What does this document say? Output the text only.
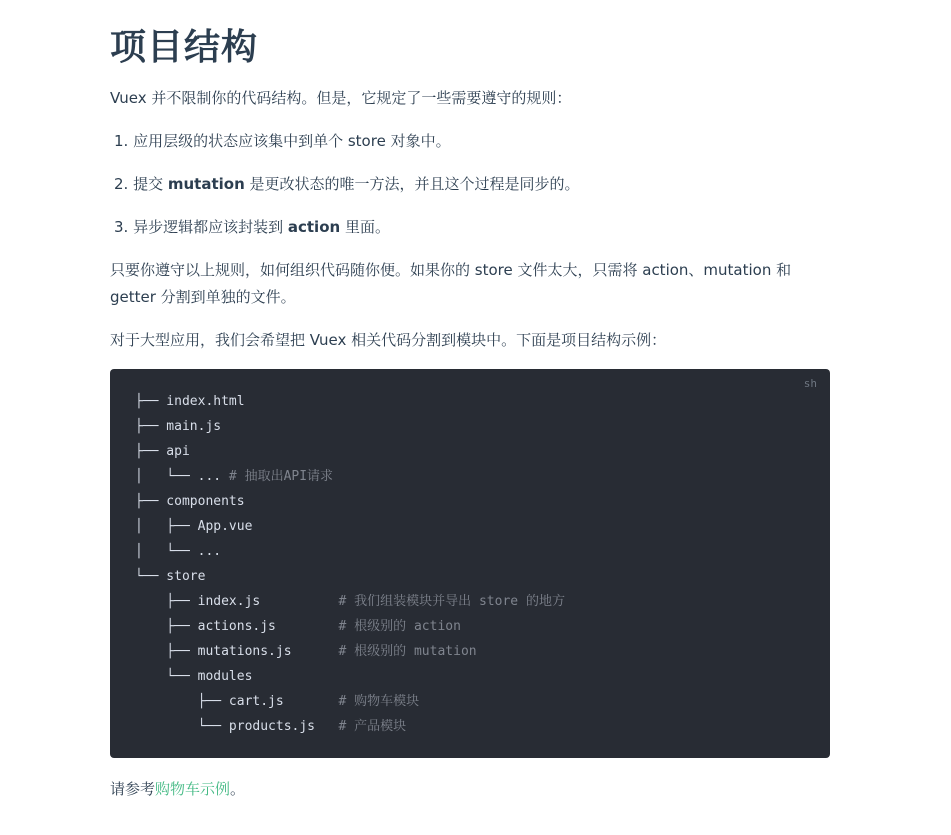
项目结构

Vuex 并不限制你的代码结构。但是，它规定了一些需要遵守的规则：

1. 应用层级的状态应该集中到单个 store 对象中。
2. 提交 mutation 是更改状态的唯一方法，并且这个过程是同步的。
3. 异步逻辑都应该封装到 action 里面。
只要你遵守以上规则，如何组织代码随你便。如果你的 store 文件太大，只需将 action、mutation 和
getter 分割到单独的文件。

对于大型应用，我们会希望把 Vuex 相关代码分割到模块中。下面是项目结构示例：

sh
├── index.html
├── main.js
├── api
│   └── ... # 抽取出API请求
├── components
│   ├── App.vue
│   └── ...
└── store
├── index.js          # 我们组装模块并导出 store 的地方
├── actions.js        # 根级别的 action
├── mutations.js      # 根级别的 mutation
└── modules
├── cart.js       # 购物车模块
└── products.js   # 产品模块

请参考购物车示例。
